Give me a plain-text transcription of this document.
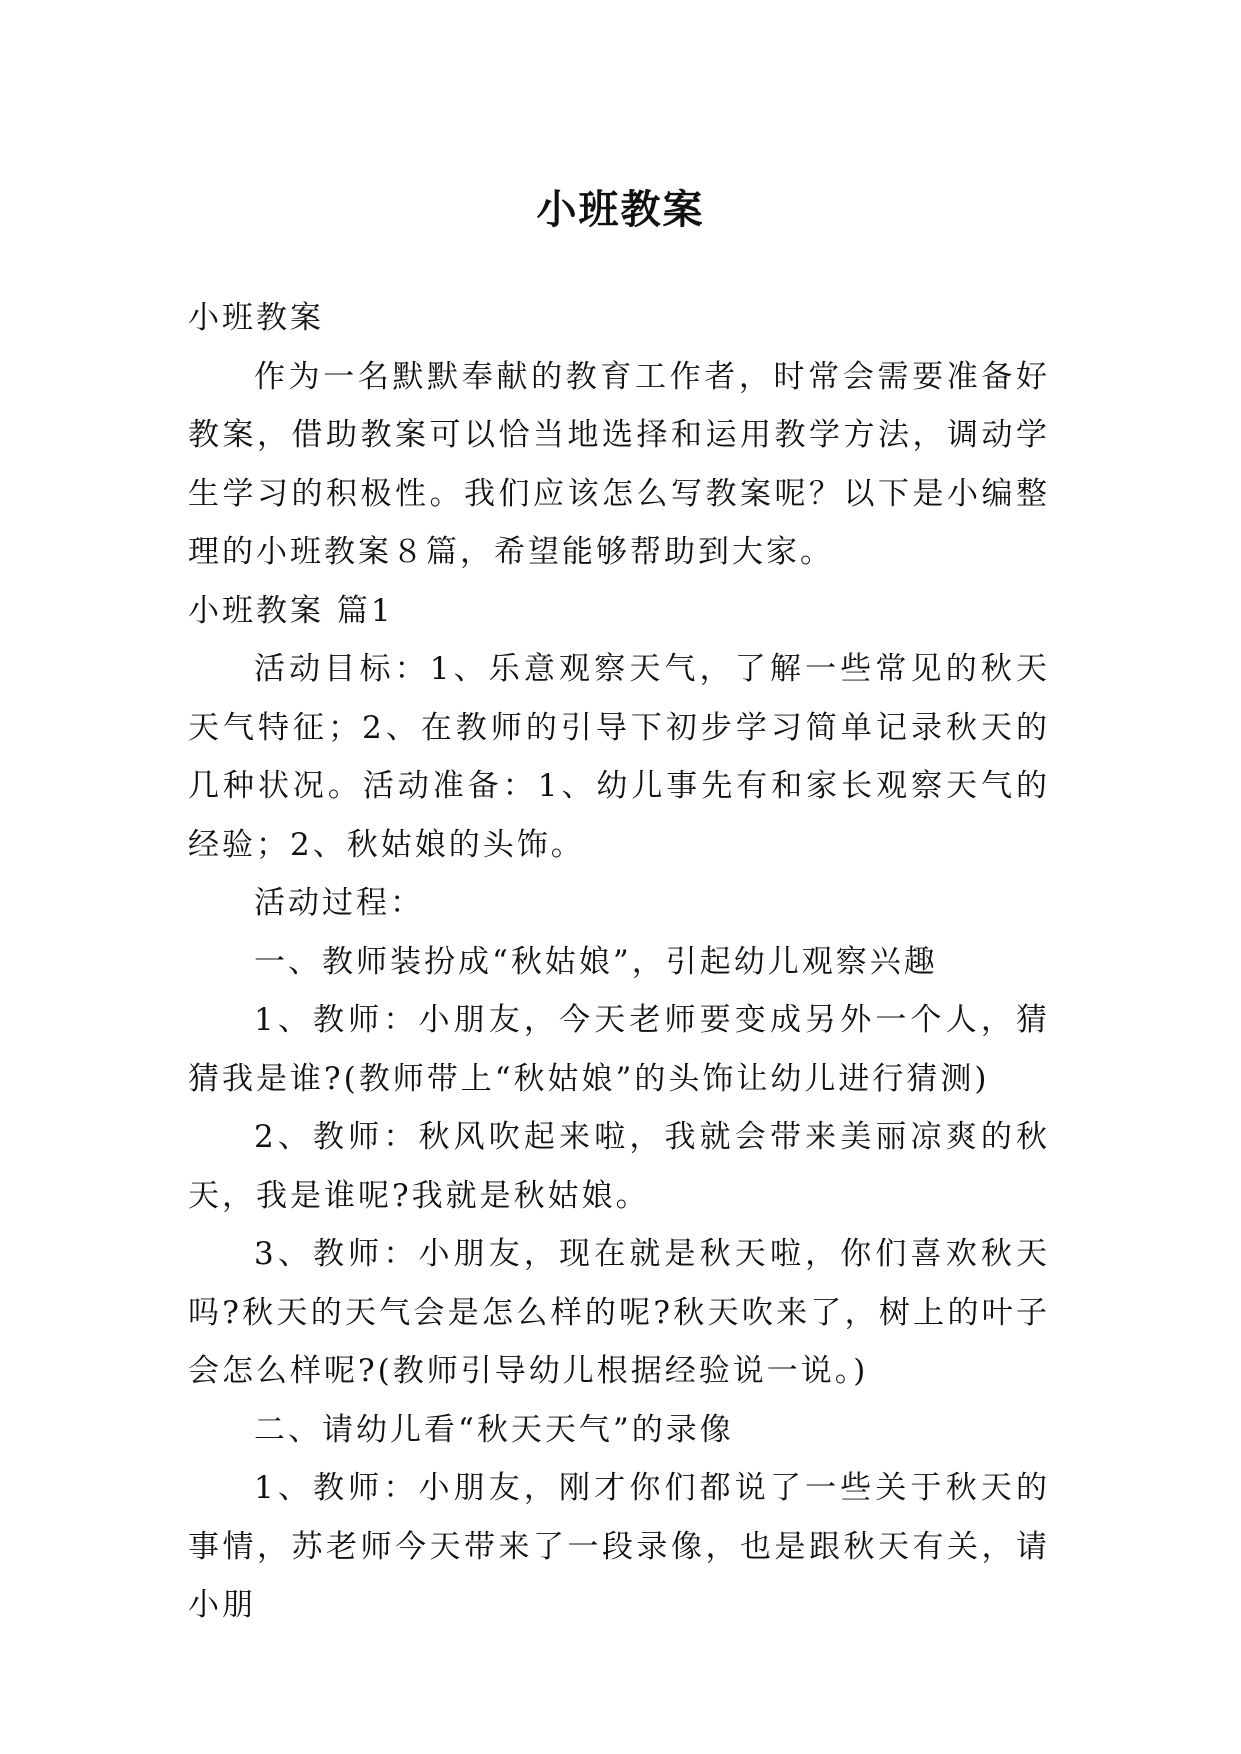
小班教案

小班教案

作为一名默默奉献的教育工作者，时常会需要准备好教案，借助教案可以恰当地选择和运用教学方法，调动学生学习的积极性。我们应该怎么写教案呢？以下是小编整理的小班教案８篇，希望能够帮助到大家。

小班教案 篇1

活动目标：1、乐意观察天气，了解一些常见的秋天天气特征；2、在教师的引导下初步学习简单记录秋天的几种状况。活动准备：1、幼儿事先有和家长观察天气的经验；2、秋姑娘的头饰。

活动过程：

一、教师装扮成“秋姑娘”，引起幼儿观察兴趣

1、教师：小朋友，今天老师要变成另外一个人，猜猜我是谁?(教师带上“秋姑娘”的头饰让幼儿进行猜测)

2、教师：秋风吹起来啦，我就会带来美丽凉爽的秋天，我是谁呢?我就是秋姑娘。

3、教师：小朋友，现在就是秋天啦，你们喜欢秋天吗?秋天的天气会是怎么样的呢?秋天吹来了，树上的叶子会怎么样呢?(教师引导幼儿根据经验说一说。)

二、请幼儿看“秋天天气”的录像

1、教师：小朋友，刚才你们都说了一些关于秋天的事情，苏老师今天带来了一段录像，也是跟秋天有关，请小朋
